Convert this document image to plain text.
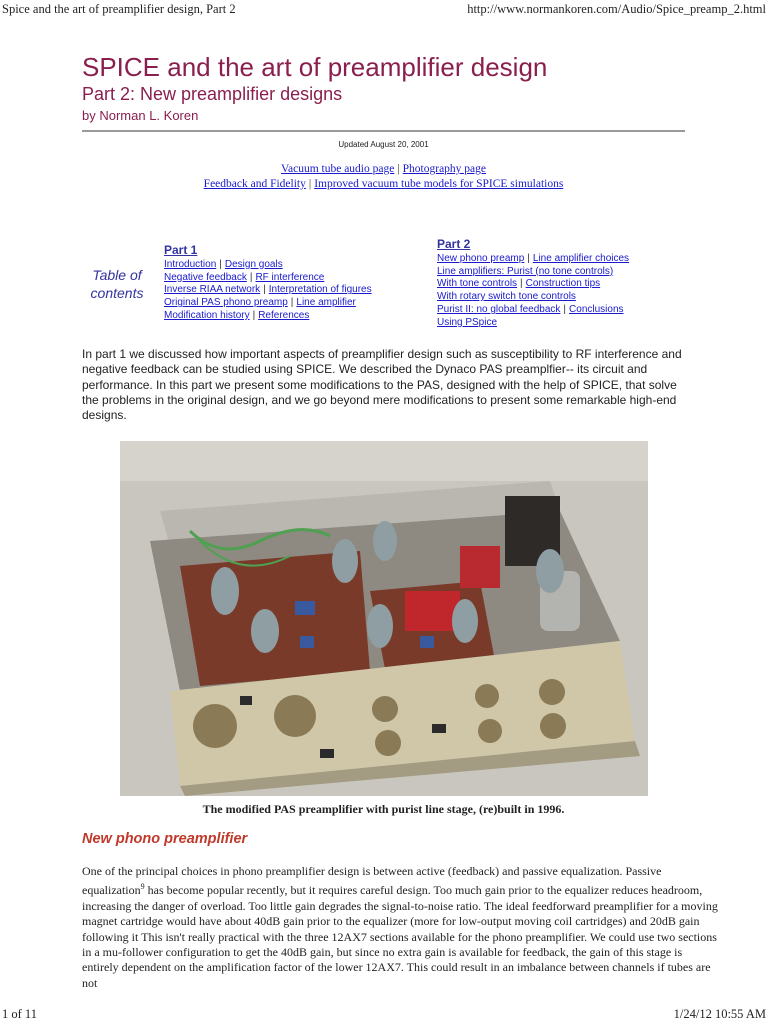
Spice and the art of preamplifier design, Part 2	http://www.normankoren.com/Audio/Spice_preamp_2.html
SPICE and the art of preamplifier design
Part 2: New preamplifier designs
by Norman L. Koren
Updated August 20, 2001
Vacuum tube audio page | Photography page
Feedback and Fidelity | Improved vacuum tube models for SPICE simulations
Table of contents
Part 1
Introduction | Design goals
Negative feedback | RF interference
Inverse RIAA network | Interpretation of figures
Original PAS phono preamp | Line amplifier
Modification history | References
Part 2
New phono preamp | Line amplifier choices
Line amplifiers: Purist (no tone controls)
With tone controls | Construction tips
With rotary switch tone controls
Purist II: no global feedback | Conclusions
Using PSpice

In part 1 we discussed how important aspects of preamplifier design such as susceptibility to RF interference and negative feedback can be studied using SPICE. We described the Dynaco PAS preamplfier-- its circuit and performance. In this part we present some modifications to the PAS, designed with the help of SPICE, that solve the problems in the original design, and we go beyond mere modifications to present some remarkable high-end designs.

The modified PAS preamplifier with purist line stage, (re)built in 1996.
New phono preamplifier

One of the principal choices in phono preamplifier design is between active (feedback) and passive equalization. Passive equalization$^9$ has become popular recently, but it requires careful design. Too much gain prior to the equalizer reduces headroom, increasing the danger of overload. Too little gain degrades the signal-to-noise ratio. The ideal feedforward preamplifier for a moving magnet cartridge would have about 40dB gain prior to the equalizer (more for low-output moving coil cartridges) and 20dB gain following it This isn't really practical with the three 12AX7 sections available for the phono preamplifier. We could use two sections in a mu-follower configuration to get the 40dB gain, but since no extra gain is available for feedback, the gain of this stage is entirely dependent on the amplification factor of the lower 12AX7. This could result in an imbalance between channels if tubes are not

1 of 11	1/24/12 10:55 AM
